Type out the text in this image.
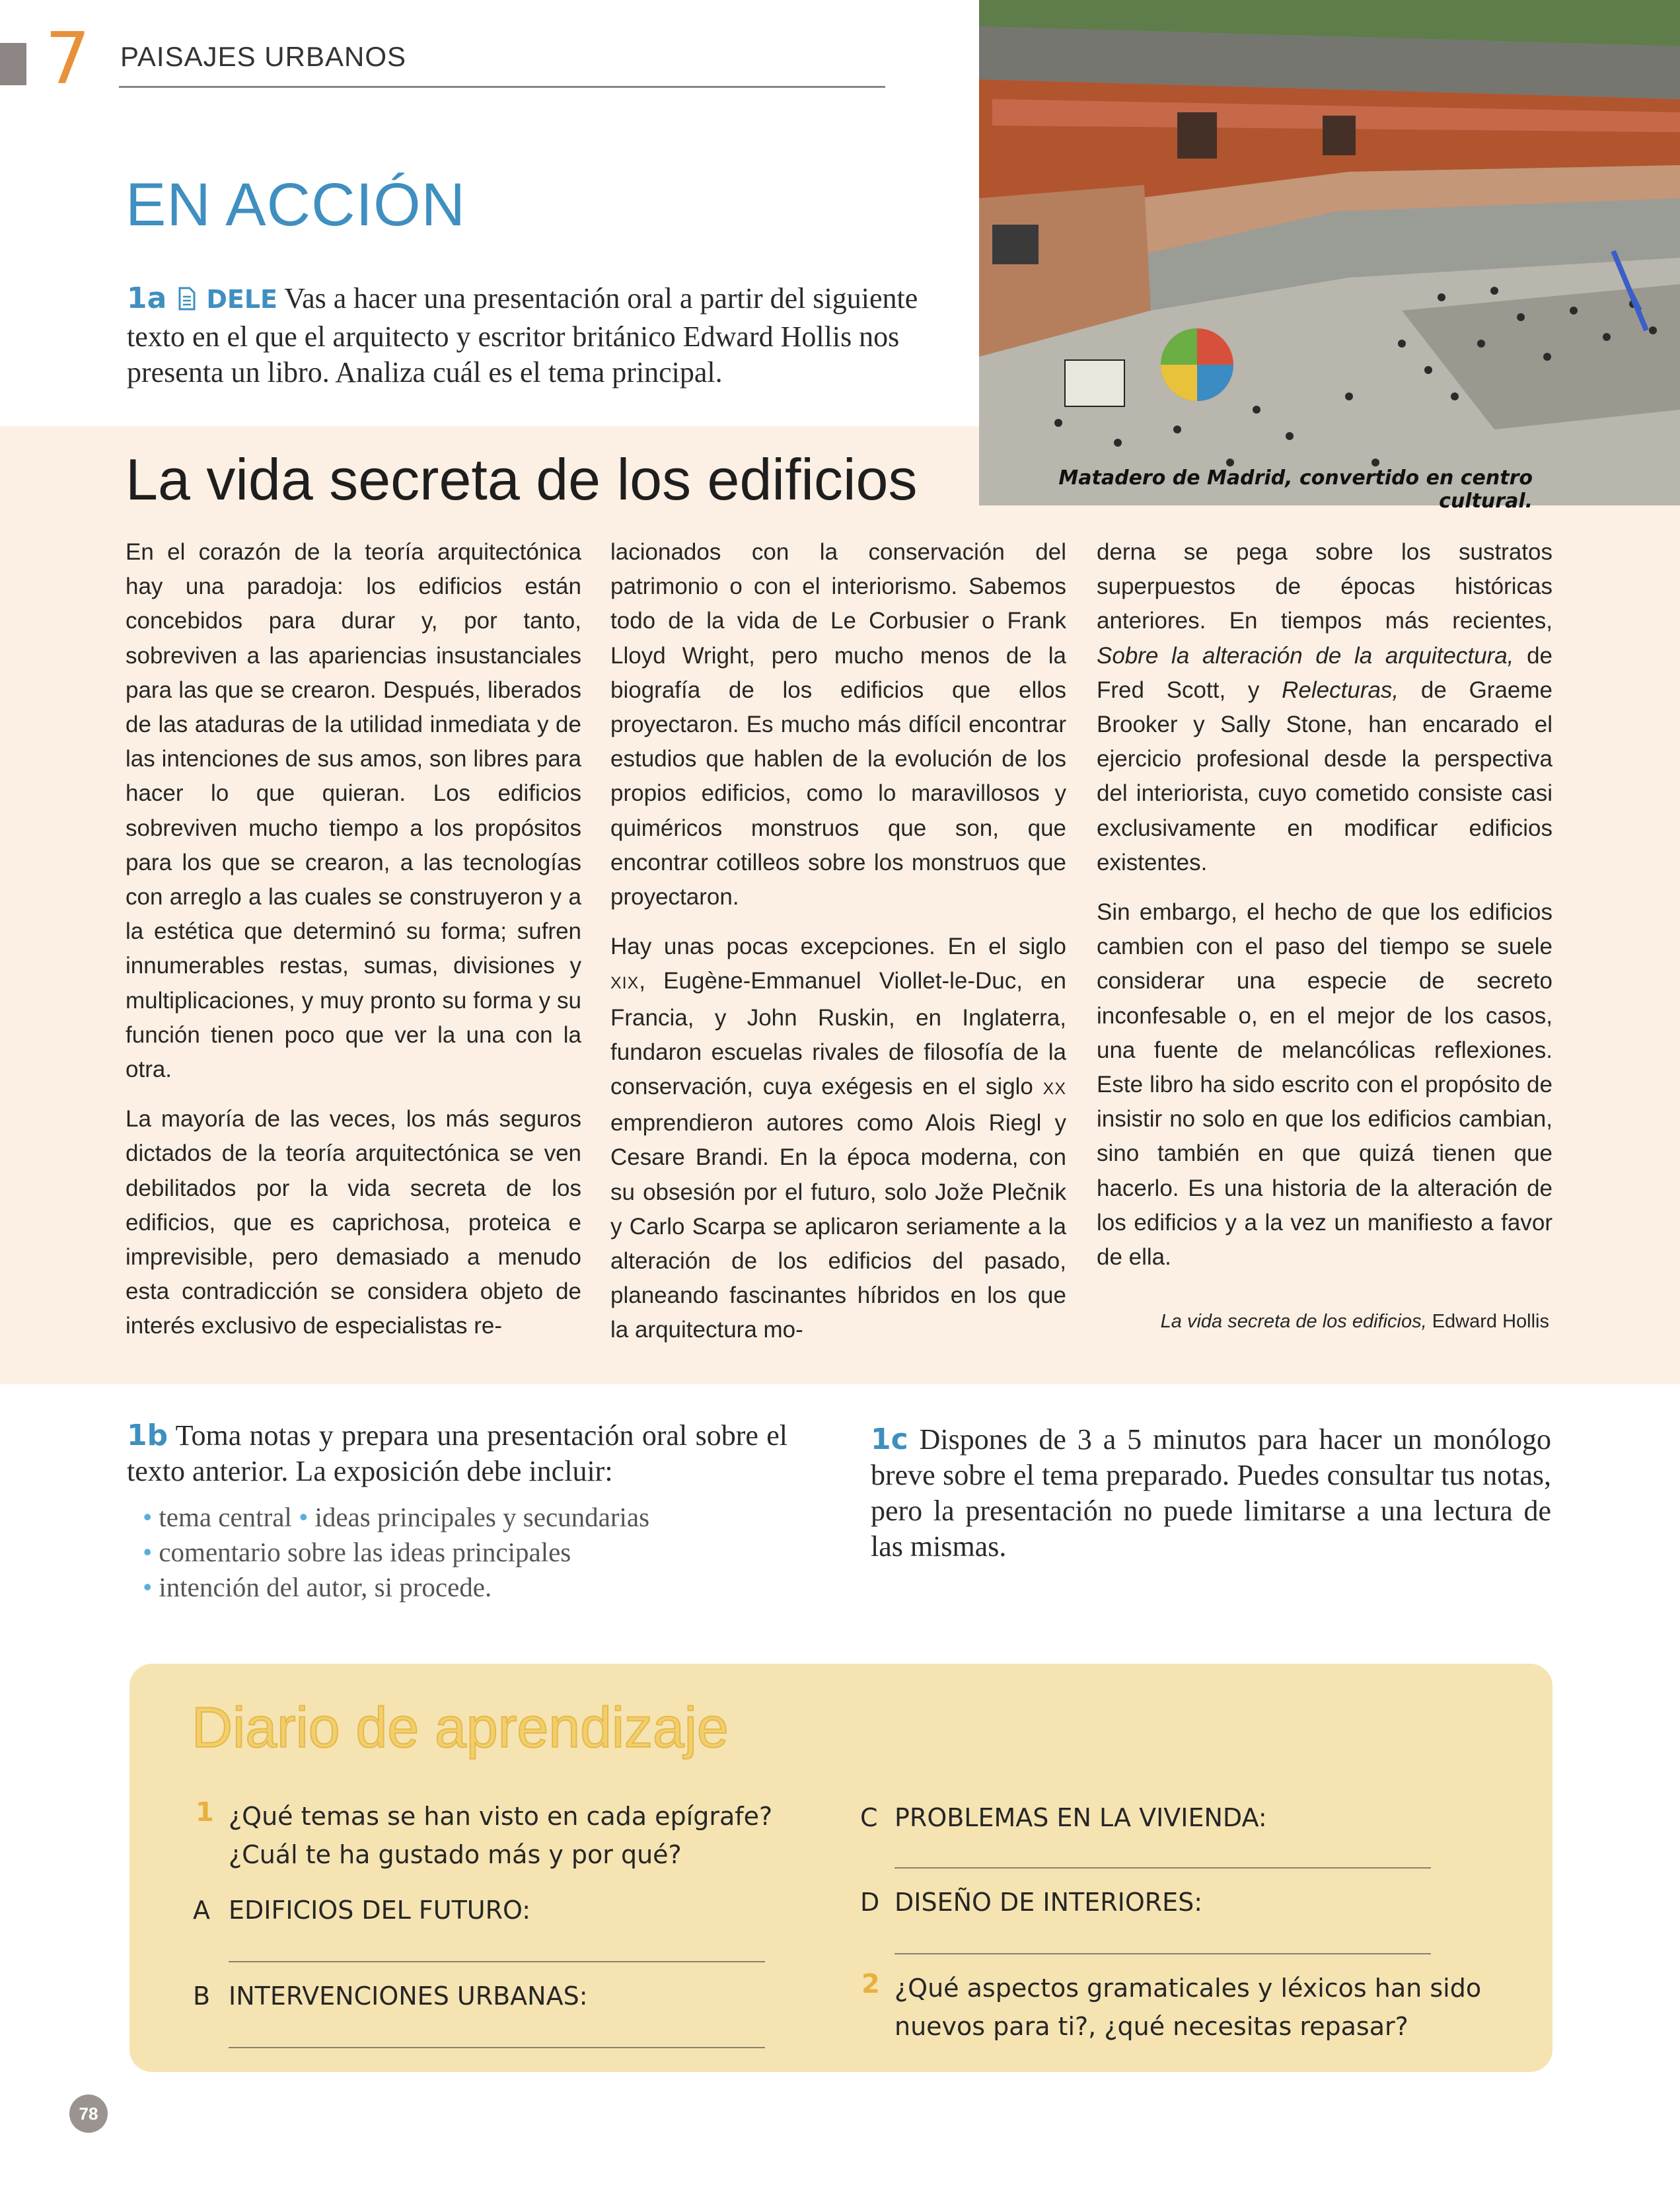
7 PAISAJES URBANOS
EN ACCIÓN
1a DELE Vas a hacer una presentación oral a partir del siguiente texto en el que el arquitecto y escritor británico Edward Hollis nos presenta un libro. Analiza cuál es el tema principal.
Matadero de Madrid, convertido en centro cultural.
La vida secreta de los edificios

En el corazón de la teoría arquitectónica hay una paradoja: los edificios están concebidos para durar y, por tanto, sobreviven a las apariencias insustanciales para las que se crearon. Después, liberados de las ataduras de la utilidad inmediata y de las intenciones de sus amos, son libres para hacer lo que quieran. Los edificios sobreviven mucho tiempo a los propósitos para los que se crearon, a las tecnologías con arreglo a las cuales se construyeron y a la estética que determinó su forma; sufren innumerables restas, sumas, divisiones y multiplicaciones, y muy pronto su forma y su función tienen poco que ver la una con la otra.

La mayoría de las veces, los más seguros dictados de la teoría arquitectónica se ven debilitados por la vida secreta de los edificios, que es caprichosa, proteica e imprevisible, pero demasiado a menudo esta contradicción se considera objeto de interés exclusivo de especialistas re-

lacionados con la conservación del patrimonio o con el interiorismo. Sabemos todo de la vida de Le Corbusier o Frank Lloyd Wright, pero mucho menos de la biografía de los edificios que ellos proyectaron. Es mucho más difícil encontrar estudios que hablen de la evolución de los propios edificios, como lo maravillosos y quiméricos monstruos que son, que encontrar cotilleos sobre los monstruos que proyectaron.

Hay unas pocas excepciones. En el siglo XIX, Eugène-Emmanuel Viollet-le-Duc, en Francia, y John Ruskin, en Inglaterra, fundaron escuelas rivales de filosofía de la conservación, cuya exégesis en el siglo XX emprendieron autores como Alois Riegl y Cesare Brandi. En la época moderna, con su obsesión por el futuro, solo Jože Plečnik y Carlo Scarpa se aplicaron seriamente a la alteración de los edificios del pasado, planeando fascinantes híbridos en los que la arquitectura mo-

derna se pega sobre los sustratos superpuestos de épocas históricas anteriores. En tiempos más recientes, Sobre la alteración de la arquitectura, de Fred Scott, y Relecturas, de Graeme Brooker y Sally Stone, han encarado el ejercicio profesional desde la perspectiva del interiorista, cuyo cometido consiste casi exclusivamente en modificar edificios existentes.

Sin embargo, el hecho de que los edificios cambien con el paso del tiempo se suele considerar una especie de secreto inconfesable o, en el mejor de los casos, una fuente de melancólicas reflexiones. Este libro ha sido escrito con el propósito de insistir no solo en que los edificios cambian, sino también en que quizá tienen que hacerlo. Es una historia de la alteración de los edificios y a la vez un manifiesto a favor de ella.

La vida secreta de los edificios, Edward Hollis
1b Toma notas y prepara una presentación oral sobre el texto anterior. La exposición debe incluir:
• tema central • ideas principales y secundarias
• comentario sobre las ideas principales
• intención del autor, si procede.
1c Dispones de 3 a 5 minutos para hacer un monólogo breve sobre el tema preparado. Puedes consultar tus notas, pero la presentación no puede limitarse a una lectura de las mismas.
Diario de aprendizaje
1 ¿Qué temas se han visto en cada epígrafe? ¿Cuál te ha gustado más y por qué?
A EDIFICIOS DEL FUTURO:
B INTERVENCIONES URBANAS:
C PROBLEMAS EN LA VIVIENDA:
D DISEÑO DE INTERIORES:
2 ¿Qué aspectos gramaticales y léxicos han sido nuevos para ti?, ¿qué necesitas repasar?
78
